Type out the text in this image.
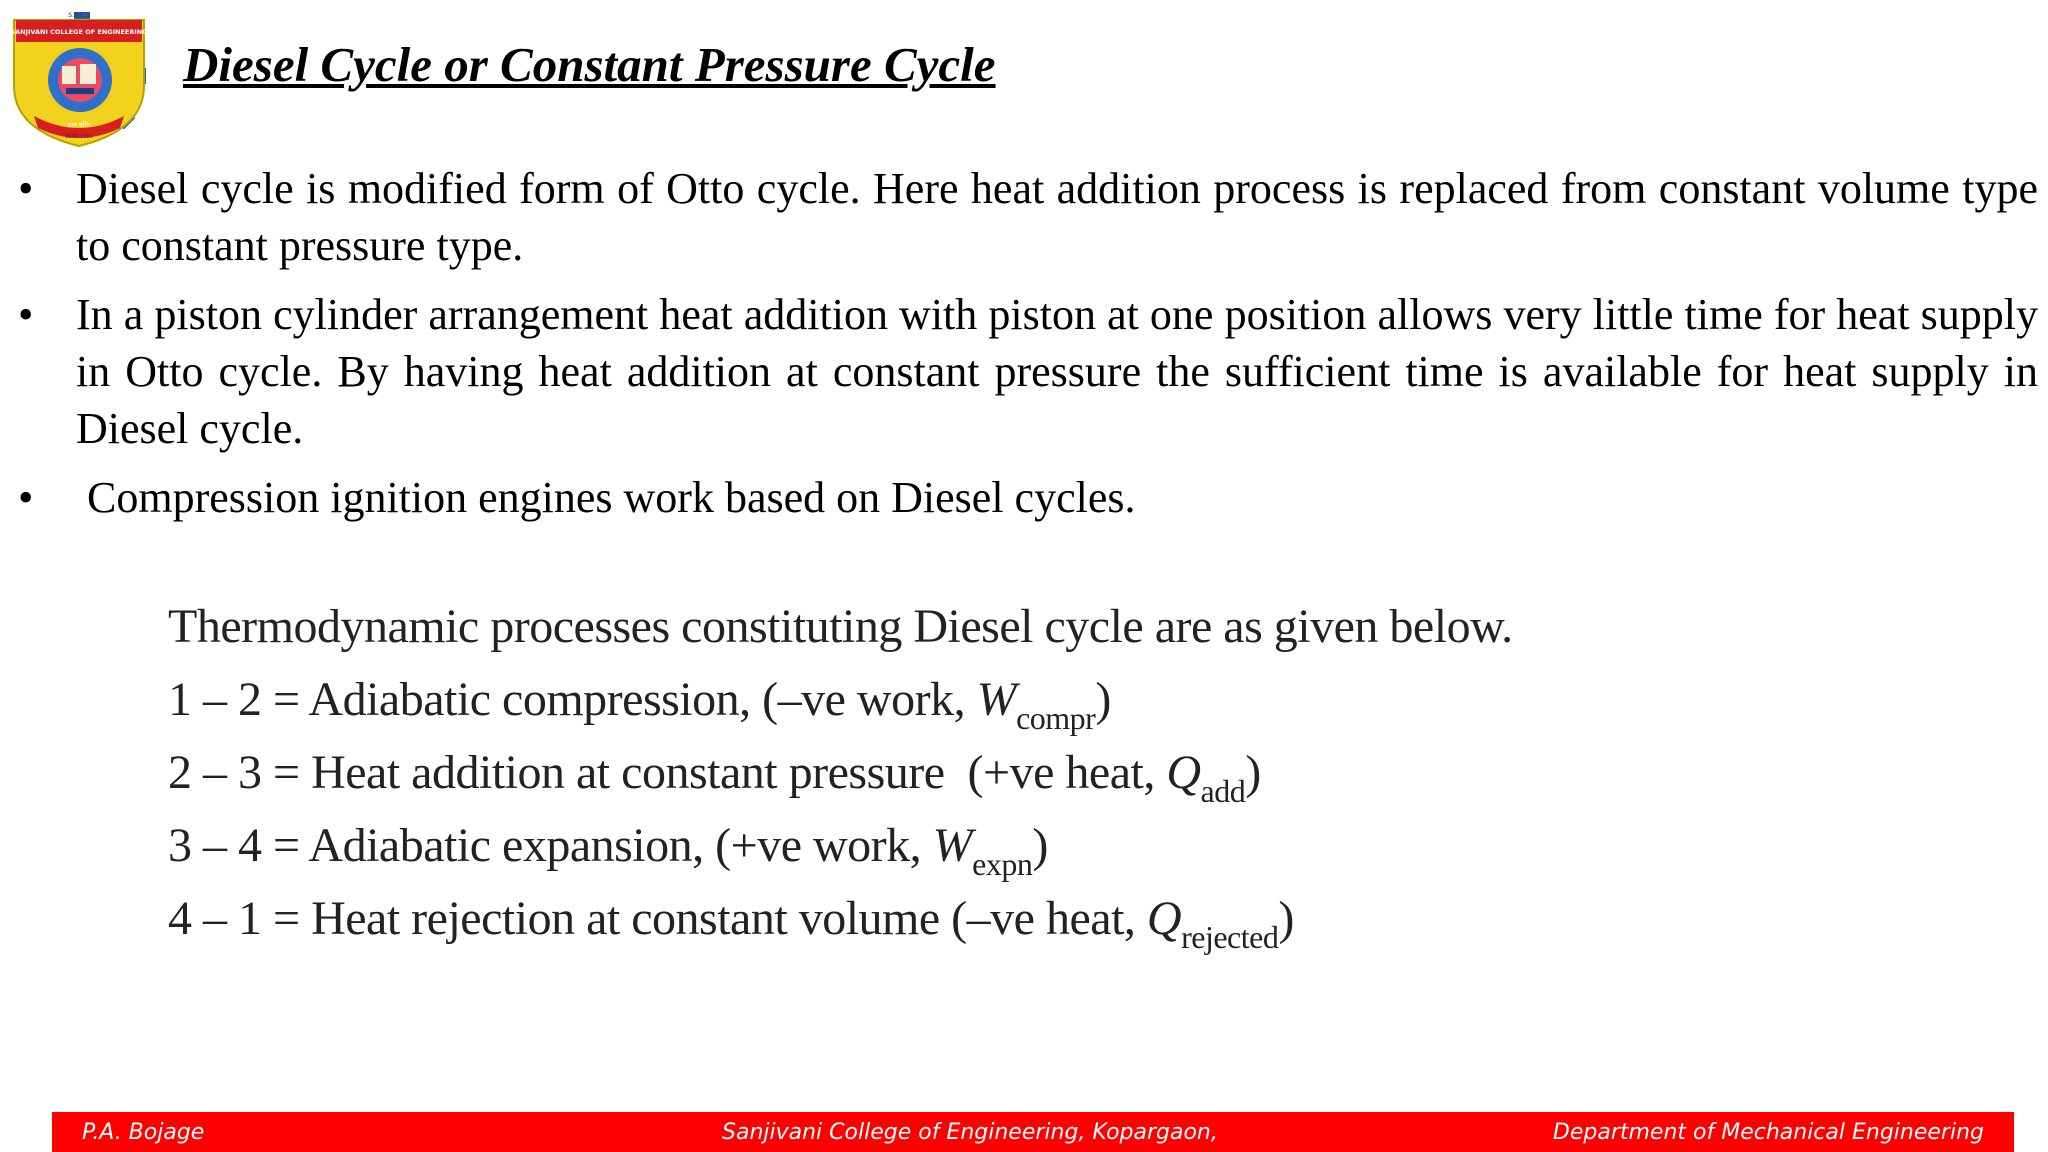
S.N.E.S
SANJIVANI COLLEGE OF ENGINEERING
ज्ञान मंदिर
ESTD 1983
Diesel Cycle or Constant Pressure Cycle
• Diesel cycle is modified form of Otto cycle. Here heat addition process is replaced from constant volume type to constant pressure type.
• In a piston cylinder arrangement heat addition with piston at one position allows very little time for heat supply in Otto cycle. By having heat addition at constant pressure the sufficient time is available for heat supply in Diesel cycle.
• Compression ignition engines work based on Diesel cycles.
Thermodynamic processes constituting Diesel cycle are as given below.
1 – 2 = Adiabatic compression, (–ve work, $W_{compr}$)
2 – 3 = Heat addition at constant pressure  (+ve heat, $Q_{add}$)
3 – 4 = Adiabatic expansion, (+ve work, $W_{expn}$)
4 – 1 = Heat rejection at constant volume (–ve heat, $Q_{rejected}$)
P.A. Bojage	Sanjivani College of Engineering, Kopargaon,	Department of Mechanical Engineering
